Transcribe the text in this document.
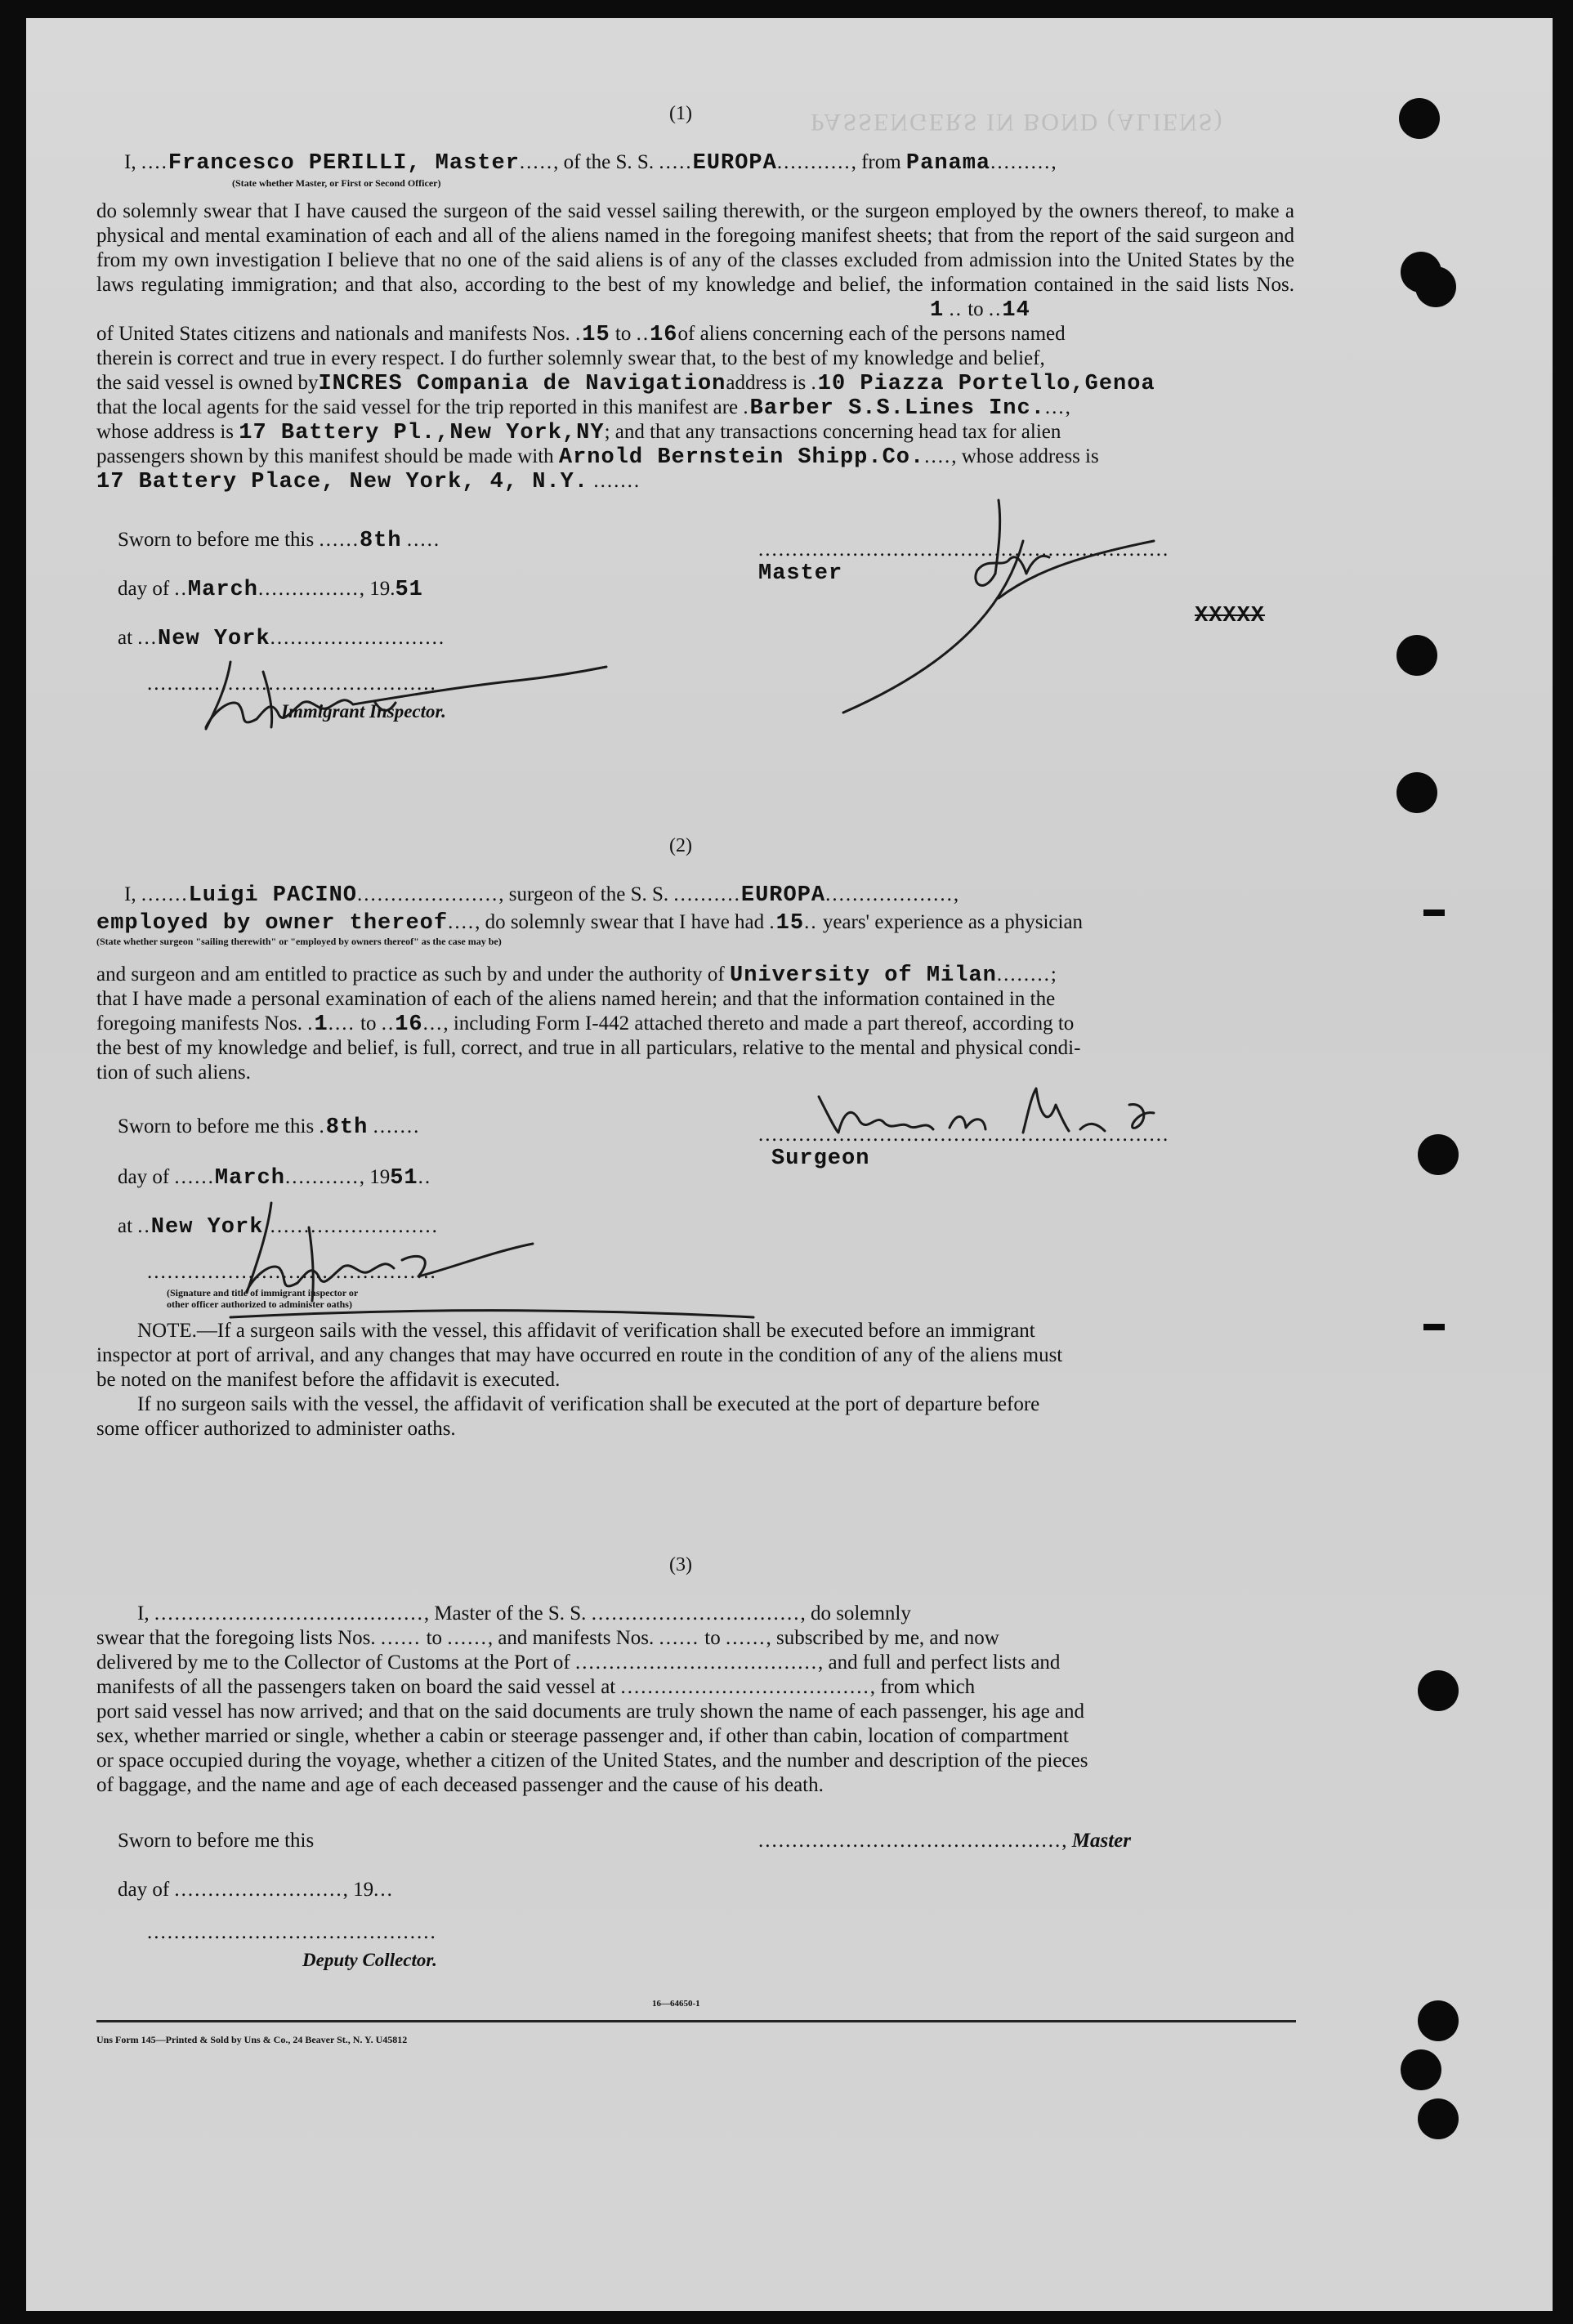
PASSENGERS IN BOND (ALIENS)
(1)
I, ....Francesco PERILLI, Master....., of the S. S. .....EUROPA..........., from Panama.........,
(State whether Master, or First or Second Officer)
do solemnly swear that I have caused the surgeon of the said vessel sailing therewith, or the surgeon employed by the owners thereof, to make a physical and mental examination of each and all of the aliens named in the foregoing manifest sheets; that from the report of the said surgeon and from my own investigation I believe that no one of the said aliens is of any of the classes excluded from admission into the United States by the laws regulating immigration; and that also, according to the best of my knowledge and belief, the information contained in the said lists Nos.
1 .. to ..14
of United States citizens and nationals and manifests Nos. .15 to ..16of aliens concerning each of the persons named
therein is correct and true in every respect. I do further solemnly swear that, to the best of my knowledge and belief,
the said vessel is owned byINCRES Compania de Navigationaddress is .10 Piazza Portello,Genoa
that the local agents for the said vessel for the trip reported in this manifest are .Barber S.S.Lines Inc....,
whose address is 17 Battery Pl.,New York,NY; and that any transactions concerning head tax for alien
passengers shown by this manifest should be made with Arnold Bernstein Shipp.Co....., whose address is
17 Battery Place, New York, 4, N.Y. .......
Sworn to before me this ......8th .....	.............................................................
Master
day of ..March..............., 19.51
XXXXX
at ...New York..........................
...........................................
Immigrant Inspector.
(2)
I, .......Luigi PACINO....................., surgeon of the S. S. ..........EUROPA...................,
employed by owner thereof...., do solemnly swear that I have had .15.. years' experience as a physician
(State whether surgeon "sailing therewith" or "employed by owners thereof" as the case may be)
and surgeon and am entitled to practice as such by and under the authority of University of Milan........;
that I have made a personal examination of each of the aliens named herein; and that the information contained in the
foregoing manifests Nos. .1.... to ..16..., including Form I-442 attached thereto and made a part thereof, according to
the best of my knowledge and belief, is full, correct, and true in all particulars, relative to the mental and physical condi-
tion of such aliens.
Sworn to before me this .8th .......	.............................................................
Surgeon
day of ......March..........., 1951..
at ..New York..........................
...........................................
(Signature and title of immigrant inspector or
other officer authorized to administer oaths)
NOTE.—If a surgeon sails with the vessel, this affidavit of verification shall be executed before an immigrant
inspector at port of arrival, and any changes that may have occurred en route in the condition of any of the aliens must
be noted on the manifest before the affidavit is executed.
If no surgeon sails with the vessel, the affidavit of verification shall be executed at the port of departure before
some officer authorized to administer oaths.
(3)
I, ........................................, Master of the S. S. ..............................., do solemnly
swear that the foregoing lists Nos. ...... to ......, and manifests Nos. ...... to ......, subscribed by me, and now
delivered by me to the Collector of Customs at the Port of ...................................., and full and perfect lists and
manifests of all the passengers taken on board the said vessel at ....................................., from which
port said vessel has now arrived; and that on the said documents are truly shown the name of each passenger, his age and
sex, whether married or single, whether a cabin or steerage passenger and, if other than cabin, location of compartment
or space occupied during the voyage, whether a citizen of the United States, and the number and description of the pieces
of baggage, and the name and age of each deceased passenger and the cause of his death.
Sworn to before me this	............................................., Master
day of ........................., 19...
...........................................
Deputy Collector.
16—64650-1
Uns Form 145—Printed & Sold by Uns & Co., 24 Beaver St., N. Y. U45812
